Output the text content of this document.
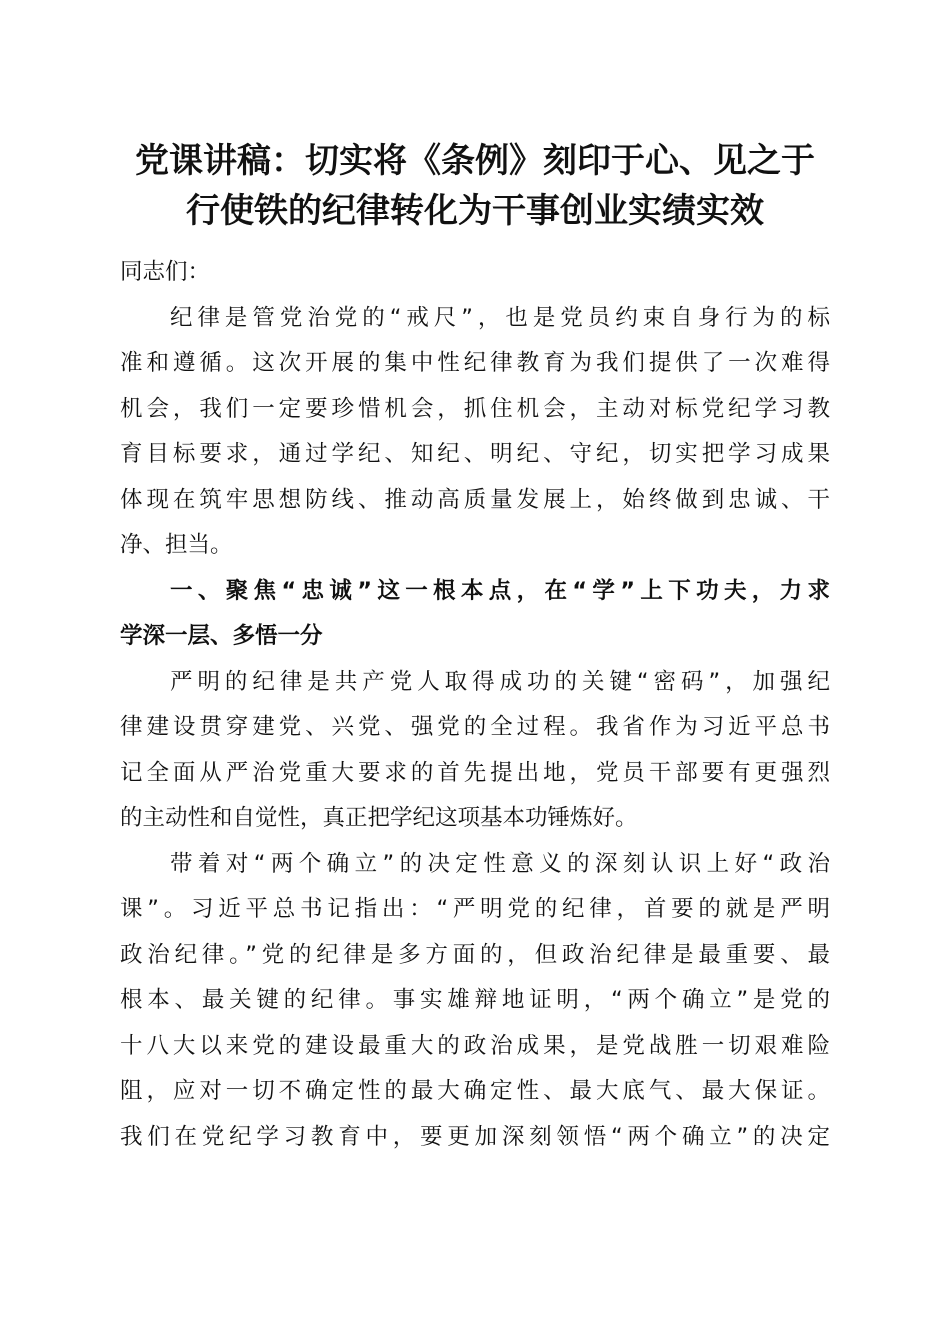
党课讲稿：切实将《条例》刻印于心、见之于
行使铁的纪律转化为干事创业实绩实效
同志们：
纪律是管党治党的“戒尺”，也是党员约束自身行为的标
准和遵循。这次开展的集中性纪律教育为我们提供了一次难得
机会，我们一定要珍惜机会，抓住机会，主动对标党纪学习教
育目标要求，通过学纪、知纪、明纪、守纪，切实把学习成果
体现在筑牢思想防线、推动高质量发展上，始终做到忠诚、干
净、担当。
一、聚焦“忠诚”这一根本点，在“学”上下功夫，力求
学深一层、多悟一分
严明的纪律是共产党人取得成功的关键“密码”，加强纪
律建设贯穿建党、兴党、强党的全过程。我省作为习近平总书
记全面从严治党重大要求的首先提出地，党员干部要有更强烈
的主动性和自觉性，真正把学纪这项基本功锤炼好。
带着对“两个确立”的决定性意义的深刻认识上好“政治
课”。习近平总书记指出：“严明党的纪律，首要的就是严明
政治纪律。”党的纪律是多方面的，但政治纪律是最重要、最
根本、最关键的纪律。事实雄辩地证明，“两个确立”是党的
十八大以来党的建设最重大的政治成果，是党战胜一切艰难险
阻，应对一切不确定性的最大确定性、最大底气、最大保证。
我们在党纪学习教育中，要更加深刻领悟“两个确立”的决定
